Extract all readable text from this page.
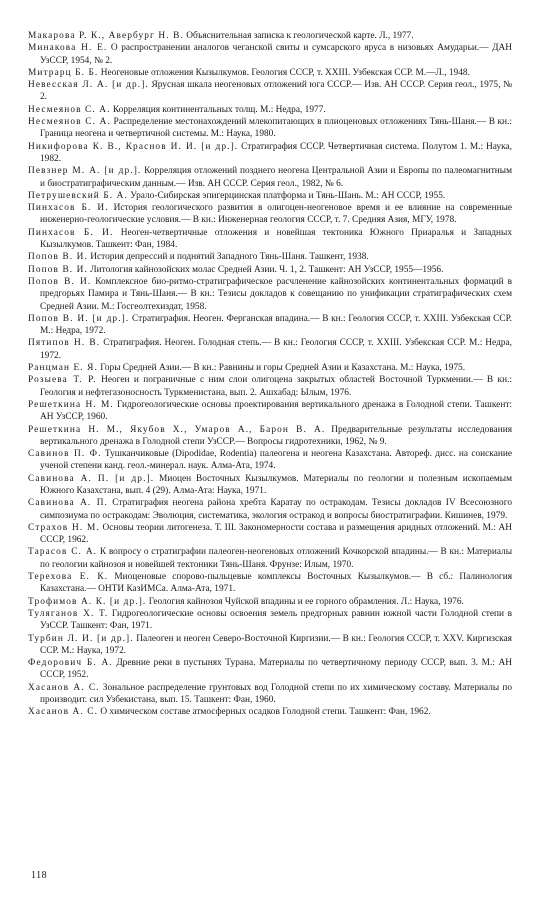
Макарова Р. К., Авербург Н. В. Объяснительная записка к геологической карте. Л., 1977.

Минакова Н. Е. О распространении аналогов чеганской свиты и сумсарского яруса в низовьях Амударьи.— ДАН УзССР, 1954, № 2.

Митрарц Б. Б. Неогеновые отложения Кызылкумов. Геология СССР, т. XXIII. Узбекская ССР. М.—Л., 1948.

Невесская Л. А. [и др.]. Ярусная шкала неогеновых отложений юга СССР.— Изв. АН СССР. Серия геол., 1975, № 2.

Несмеянов С. А. Корреляция континентальных толщ. М.: Недра, 1977.

Несмеянов С. А. Распределение местонахождений млекопитающих в плиоценовых отложениях Тянь-Шаня.— В кн.: Граница неогена и четвертичной системы. М.: Наука, 1980.

Никифорова К. В., Краснов И. И. [и др.]. Стратиграфия СССР. Четвертичная система. Полутом 1. М.: Наука, 1982.

Певзнер М. А. [и др.]. Корреляция отложений позднего неогена Центральной Азии и Европы по палеомагнитным и биостратиграфическим данным.— Изв. АН СССР. Серия геол., 1982, № 6.

Петрушевский Б. А. Урало-Сибирская эпигерцинская платформа и Тянь-Шань. М.: АН СССР, 1955.

Пинхасов Б. И. История геологического развития в олигоцен-неогеновое время и ее влияние на современные инженерно-геологические условия.— В кн.: Инженерная геология СССР, т. 7. Средняя Азия, МГУ, 1978.

Пинхасов Б. И. Неоген-четвертичные отложения и новейшая тектоника Южного Приаралья и Западных Кызылкумов. Ташкент: Фан, 1984.

Попов В. И. История депрессий и поднятий Западного Тянь-Шаня. Ташкент, 1938.

Попов В. И. Литология кайнозойских молас Средней Азии. Ч. 1, 2. Ташкент: АН УзССР, 1955—1956.

Попов В. И. Комплексное био-ритмо-стратиграфическое расчленение кайнозойских континентальных формаций в предгорьях Памира и Тянь-Шаня.— В кн.: Тезисы докладов к совещанию по унификации стратиграфических схем Средней Азии. М.: Госгеолтехиздат, 1958.

Попов В. И. [и др.]. Стратиграфия. Неоген. Ферганская впадина.— В кн.: Геология СССР, т. XXIII. Узбекская ССР. М.: Недра, 1972.

Пятипов Н. В. Стратиграфия. Неоген. Голодная степь.— В кн.: Геология СССР, т. XXIII. Узбекская ССР. М.: Недра, 1972.

Ранцман Е. Я. Горы Средней Азии.— В кн.: Равнины и горы Средней Азии и Казахстана. М.: Наука, 1975.

Розыева Т. Р. Неоген и пограничные с ним слои олигоцена закрытых областей Восточной Туркмении.— В кн.: Геология и нефтегазоносность Туркменистана, вып. 2. Ашхабад: Ылым, 1976.

Решеткина Н. М. Гидрогеологические основы проектирования вертикального дренажа в Голодной степи. Ташкент: АН УзССР, 1960.

Решеткина Н. М., Якубов Х., Умаров А., Барон В. А. Предварительные результаты исследования вертикального дренажа в Голодной степи УзССР.— Вопросы гидротехники, 1962, № 9.

Савинов П. Ф. Тушканчиковые (Dipodidae, Rodentia) палеогена и неогена Казахстана. Автореф. дисс. на соискание ученой степени канд. геол.-минерал. наук. Алма-Ата, 1974.

Савинова А. П. [и др.]. Миоцен Восточных Кызылкумов. Материалы по геологии и полезным ископаемым Южного Казахстана, вып. 4 (29). Алма-Ата: Наука, 1971.

Савинова А. П. Стратиграфия неогена района хребта Каратау по остракодам. Тезисы докладов IV Всесоюзного симпозиума по остракодам: Эволюция, систематика, экология остракод и вопросы биостратиграфии. Кишинев, 1979.

Страхов Н. М. Основы теории литогенеза. Т. III. Закономерности состава и размещения аридных отложений. М.: АН СССР, 1962.

Тарасов С. А. К вопросу о стратиграфии палеоген-неогеновых отложений Кочкорской впадины.— В кн.: Материалы по геологии кайнозоя и новейшей тектоники Тянь-Шаня. Фрунзе: Илым, 1970.

Терехова Е. К. Миоценовые спорово-пыльцевые комплексы Восточных Кызылкумов.— В сб.: Палинология Казахстана.— ОНТИ КазИМСа. Алма-Ата, 1971.

Трофимов А. К. [и др.]. Геология кайнозоя Чуйской впадины и ее горного обрамления. Л.: Наука, 1976.

Туляганов Х. Т. Гидрогеологические основы освоения земель предгорных равнин южной части Голодной степи в УзССР. Ташкент: Фан, 1971.

Турбин Л. И. [и др.]. Палеоген и неоген Северо-Восточной Киргизии.— В кн.: Геология СССР, т. XXV. Киргизская ССР. М.: Наука, 1972.

Федорович Б. А. Древние реки в пустынях Турана. Материалы по четвертичному периоду СССР, вып. 3. М.: АН СССР, 1952.

Хасанов А. С. Зональное распределение грунтовых вод Голодной степи по их химическому составу. Материалы по производит. сил Узбекистана, вып. 15. Ташкент: Фан, 1960.

Хасанов А. С. О химическом составе атмосферных осадков Голодной степи. Ташкент: Фан, 1962.

118
